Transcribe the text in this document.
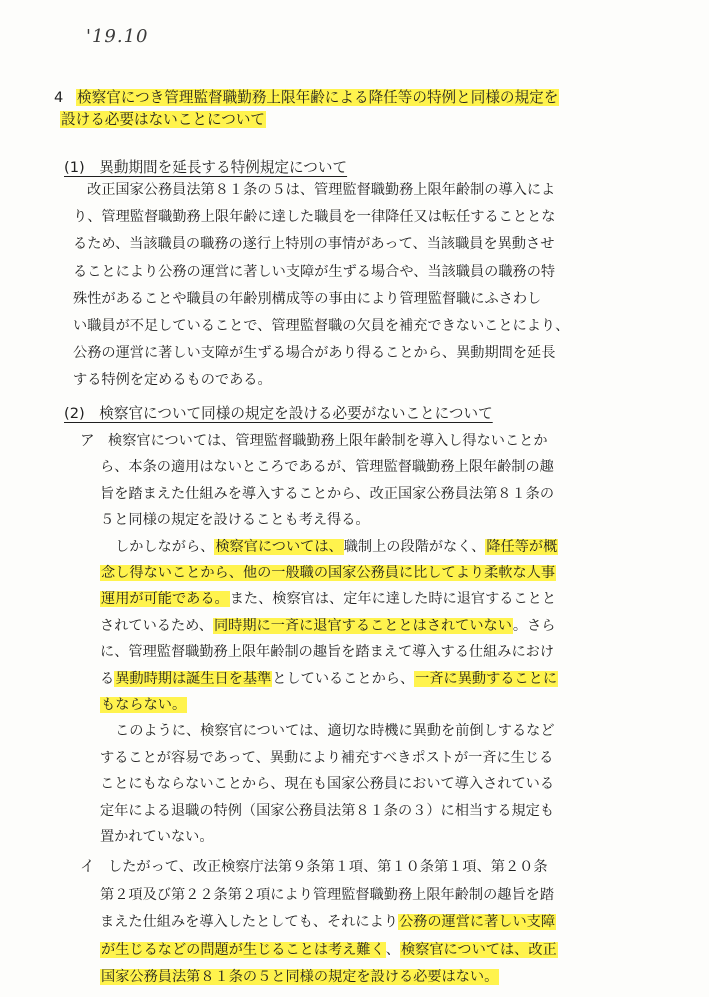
'19.10
4 検察官につき管理監督職勤務上限年齢による降任等の特例と同様の規定を
設ける必要はないことについて
(1)　異動期間を延長する特例規定について
改正国家公務員法第８１条の５は、管理監督職勤務上限年齢制の導入によ
り、管理監督職勤務上限年齢に達した職員を一律降任又は転任することとな
るため、当該職員の職務の遂行上特別の事情があって、当該職員を異動させ
ることにより公務の運営に著しい支障が生ずる場合や、当該職員の職務の特
殊性があることや職員の年齢別構成等の事由により管理監督職にふさわし
い職員が不足していることで、管理監督職の欠員を補充できないことにより、
公務の運営に著しい支障が生ずる場合があり得ることから、異動期間を延長
する特例を定めるものである。
(2)　検察官について同様の規定を設ける必要がないことについて
ア 検察官については、管理監督職勤務上限年齢制を導入し得ないことか
ら、本条の適用はないところであるが、管理監督職勤務上限年齢制の趣
旨を踏まえた仕組みを導入することから、改正国家公務員法第８１条の
５と同様の規定を設けることも考え得る。
しかしながら、検察官については、職制上の段階がなく、降任等が概
念し得ないことから、他の一般職の国家公務員に比してより柔軟な人事
運用が可能である。また、検察官は、定年に達した時に退官することと
されているため、同時期に一斉に退官することとはされていない。さら
に、管理監督職勤務上限年齢制の趣旨を踏まえて導入する仕組みにおけ
る異動時期は誕生日を基準としていることから、一斉に異動することに
もならない。
このように、検察官については、適切な時機に異動を前倒しするなど
することが容易であって、異動により補充すべきポストが一斉に生じる
ことにもならないことから、現在も国家公務員において導入されている
定年による退職の特例（国家公務員法第８１条の３）に相当する規定も
置かれていない。
イ したがって、改正検察庁法第９条第１項、第１０条第１項、第２０条
第２項及び第２２条第２項により管理監督職勤務上限年齢制の趣旨を踏
まえた仕組みを導入したとしても、それにより公務の運営に著しい支障
が生じるなどの問題が生じることは考え難く、検察官については、改正
国家公務員法第８１条の５と同様の規定を設ける必要はない。
